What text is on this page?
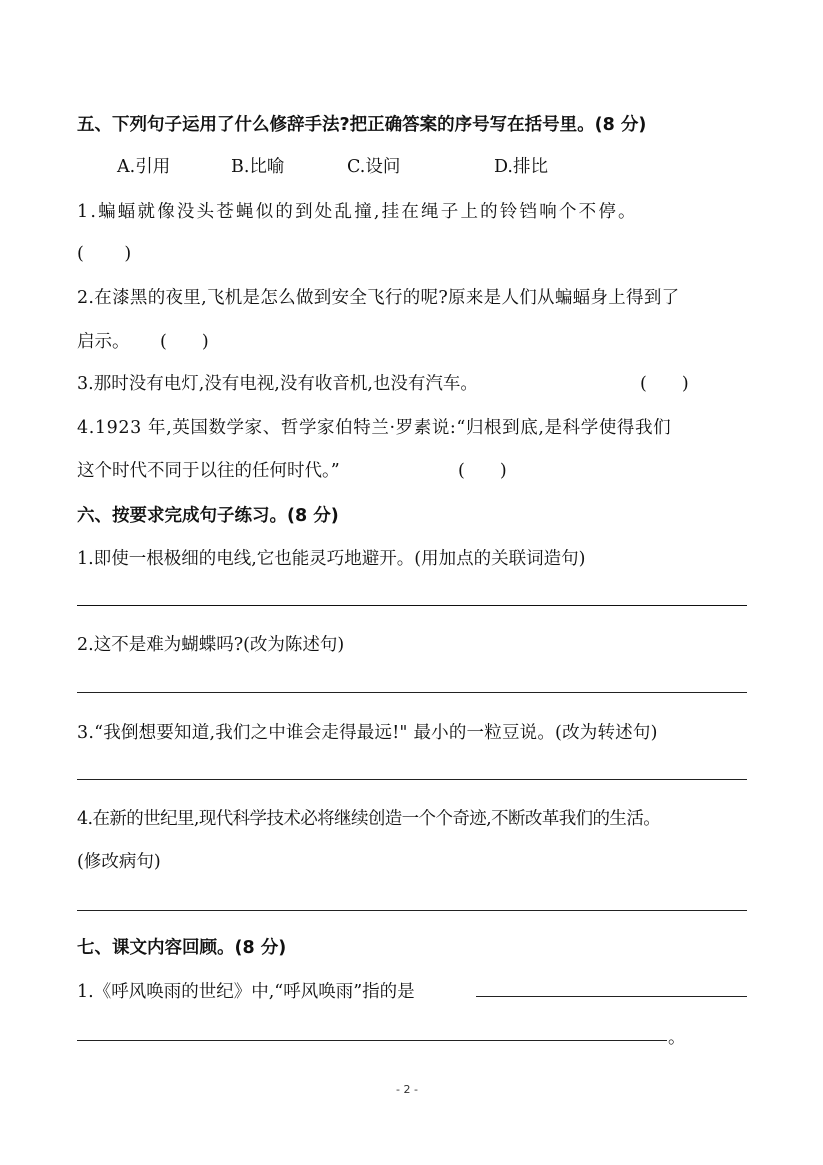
五、下列句子运用了什么修辞手法?把正确答案的序号写在括号里。(8 分)
A.引用	B.比喻	C.设问	D.排比
1.蝙蝠就像没头苍蝇似的到处乱撞,挂在绳子上的铃铛响个不停。
(　　 )
2.在漆黑的夜里,飞机是怎么做到安全飞行的呢?原来是人们从蝙蝠身上得到了
启示。 (　　)
3.那时没有电灯,没有电视,没有收音机,也没有汽车。	(　　)
4.1923 年,英国数学家、哲学家伯特兰·罗素说:“归根到底,是科学使得我们
这个时代不同于以往的任何时代。”	(　　)
六、按要求完成句子练习。(8 分)
1.即使一根极细的电线,它也能灵巧地避开。(用加点的关联词造句)
2.这不是难为蝴蝶吗?(改为陈述句)
3.“我倒想要知道,我们之中谁会走得最远!" 最小的一粒豆说。(改为转述句)
4.在新的世纪里,现代科学技术必将继续创造一个个奇迹,不断改革我们的生活。
(修改病句)
七、课文内容回顾。(8 分)
1.《呼风唤雨的世纪》中,“呼风唤雨”指的是
。
- 2 -
